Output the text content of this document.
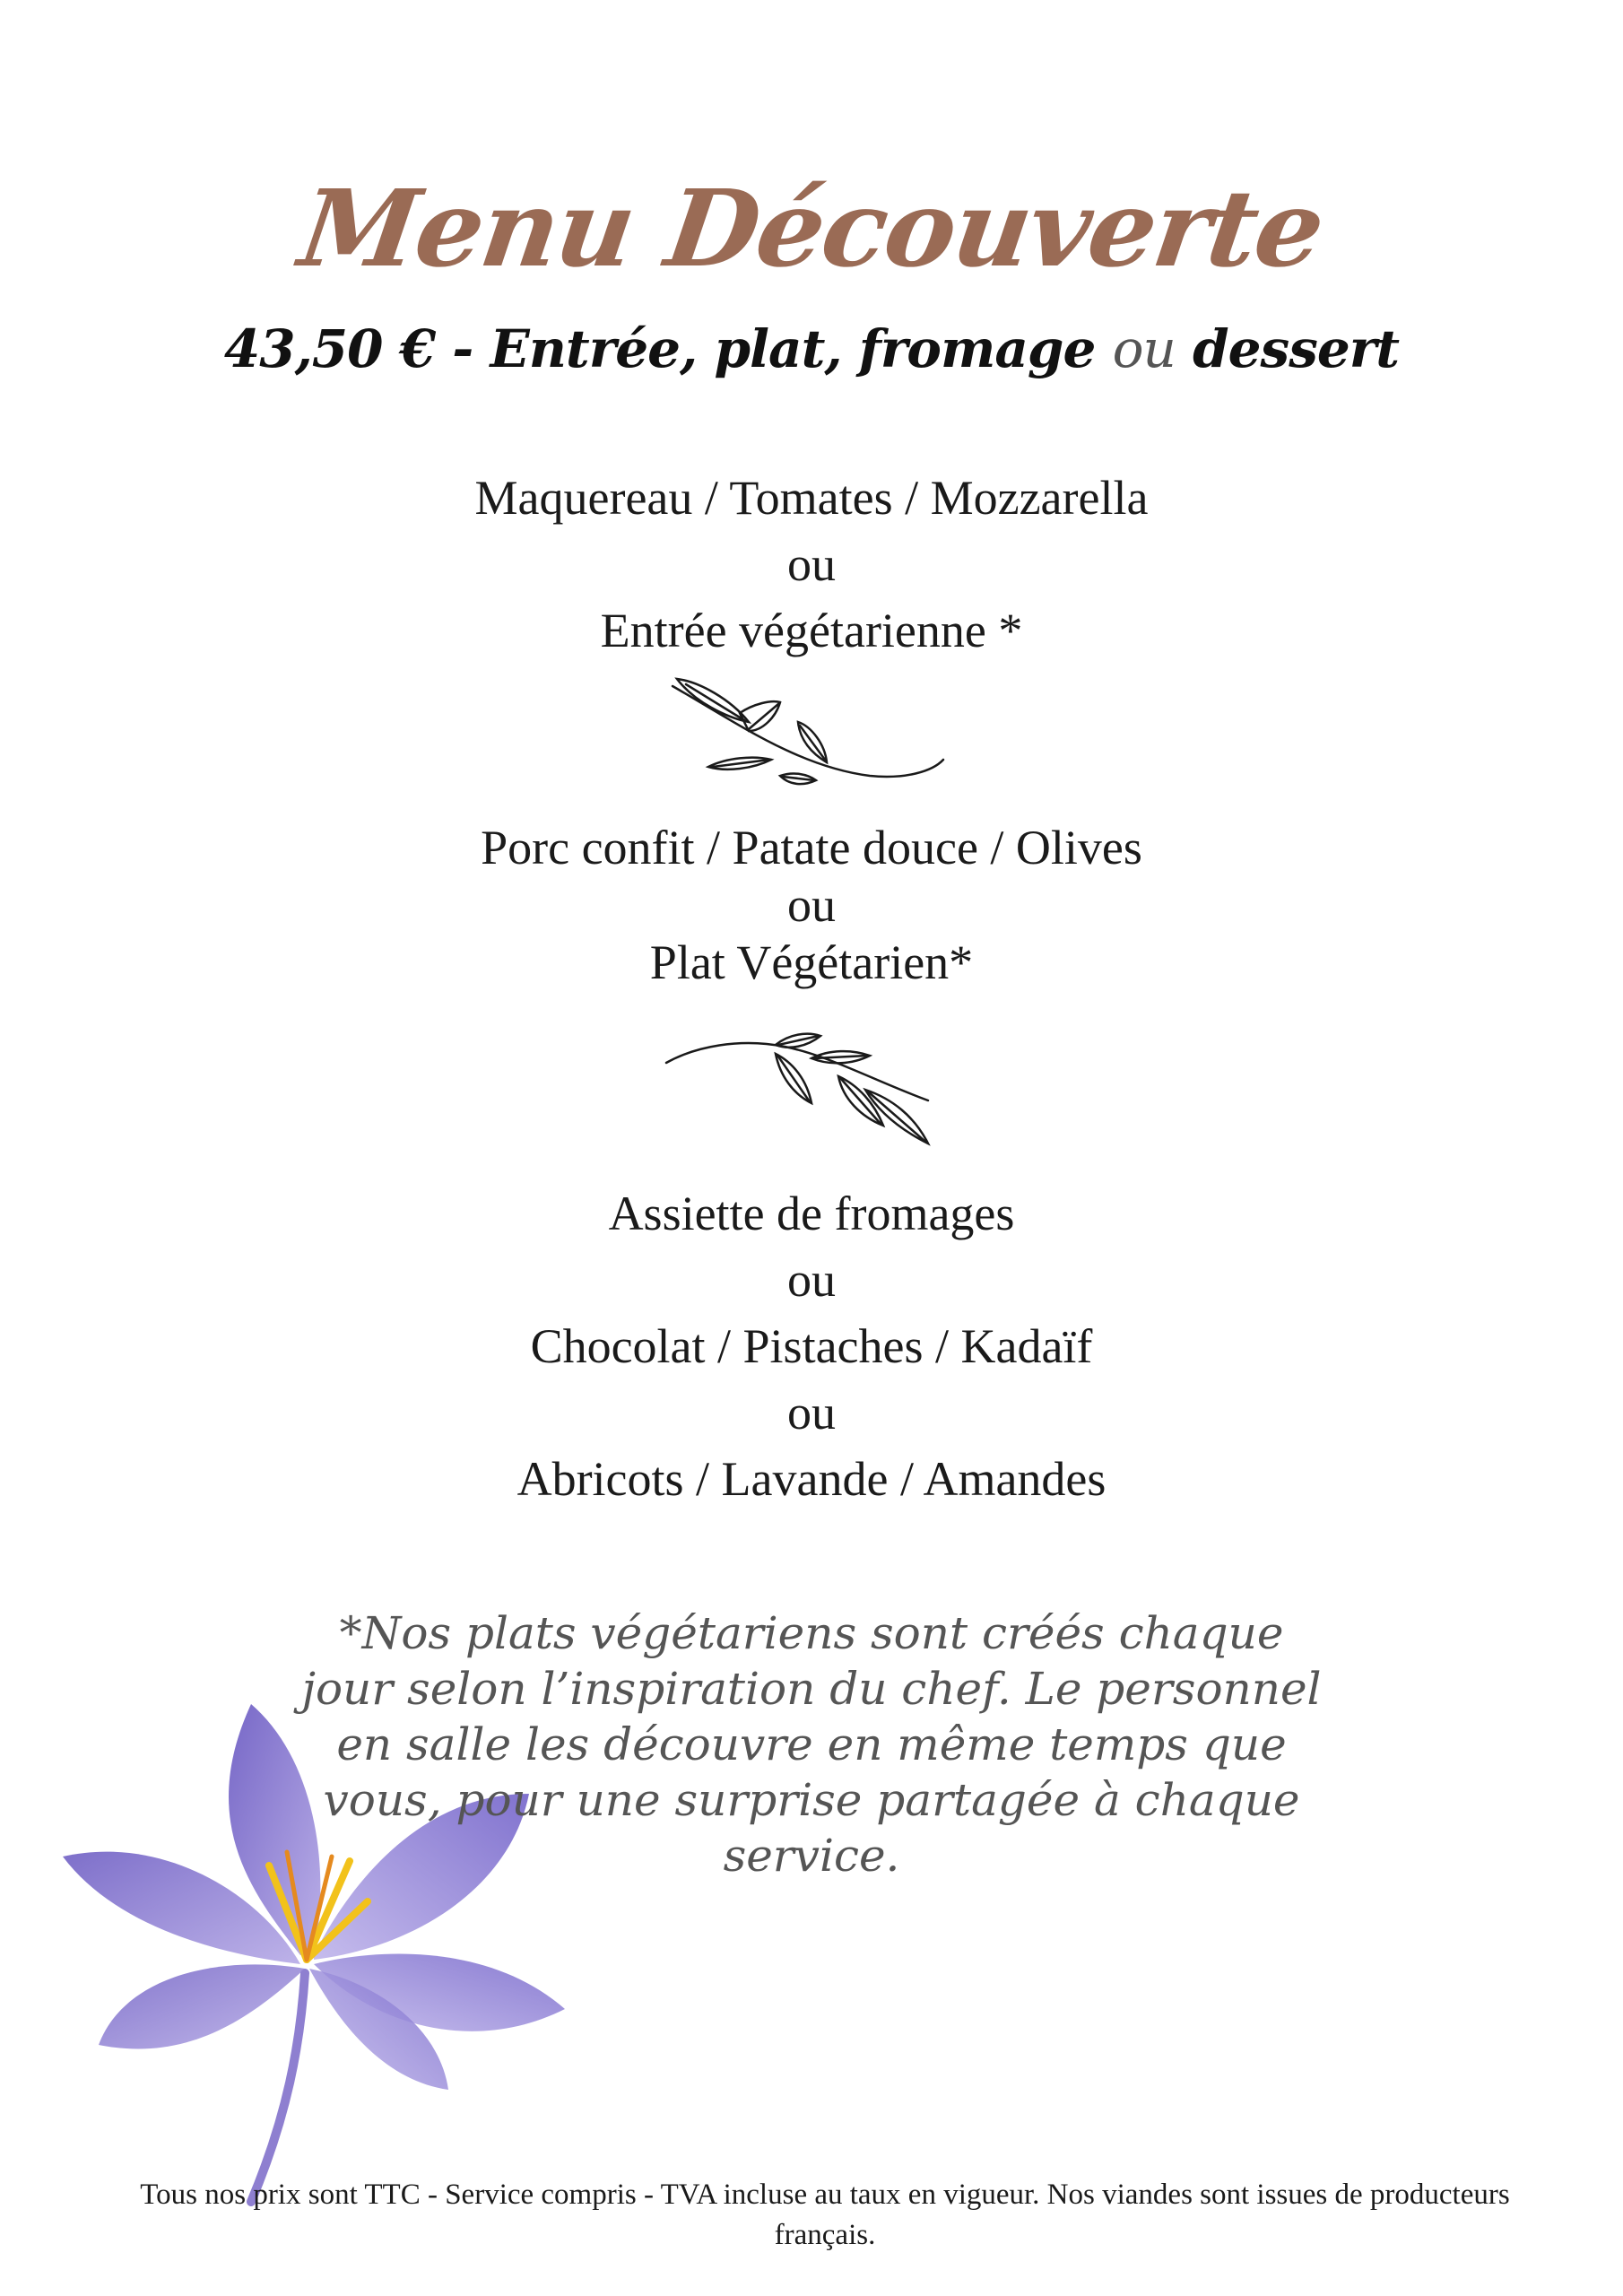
Menu Découverte
43,50 € - Entrée, plat, fromage ou dessert
Maquereau / Tomates / Mozzarella
ou
Entrée végétarienne *
Porc confit / Patate douce / Olives
ou
Plat Végétarien*
Assiette de fromages
ou
Chocolat / Pistaches / Kadaïf
ou
Abricots / Lavande / Amandes
*Nos plats végétariens sont créés chaque jour selon l’inspiration du chef. Le personnel en salle les découvre en même temps que vous, pour une surprise partagée à chaque service.
Tous nos prix sont TTC - Service compris - TVA incluse au taux en vigueur. Nos viandes sont issues de producteurs français.
